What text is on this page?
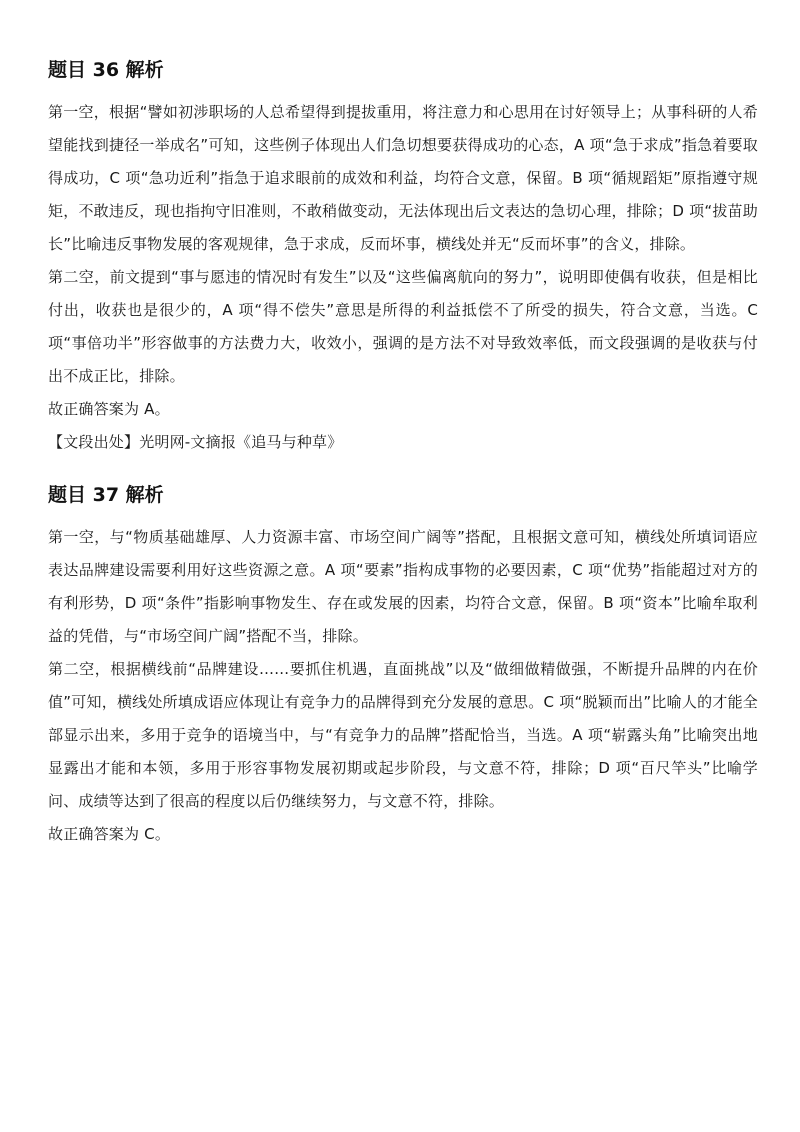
题目 36 解析

第一空，根据“譬如初涉职场的人总希望得到提拔重用，将注意力和心思用在讨好领导上；从事科研的人希望能找到捷径一举成名”可知，这些例子体现出人们急切想要获得成功的心态，A 项“急于求成”指急着要取得成功，C 项“急功近利”指急于追求眼前的成效和利益，均符合文意，保留。B 项“循规蹈矩”原指遵守规矩，不敢违反，现也指拘守旧准则，不敢稍做变动，无法体现出后文表达的急切心理，排除；D 项“拔苗助长”比喻违反事物发展的客观规律，急于求成，反而坏事，横线处并无“反而坏事”的含义，排除。

第二空，前文提到“事与愿违的情况时有发生”以及“这些偏离航向的努力”，说明即使偶有收获，但是相比付出，收获也是很少的，A 项“得不偿失”意思是所得的利益抵偿不了所受的损失，符合文意，当选。C 项“事倍功半”形容做事的方法费力大，收效小，强调的是方法不对导致效率低，而文段强调的是收获与付出不成正比，排除。

故正确答案为 A。

【文段出处】光明网-文摘报《追马与种草》

题目 37 解析

第一空，与“物质基础雄厚、人力资源丰富、市场空间广阔等”搭配，且根据文意可知，横线处所填词语应表达品牌建设需要利用好这些资源之意。A 项“要素”指构成事物的必要因素，C 项“优势”指能超过对方的有利形势，D 项“条件”指影响事物发生、存在或发展的因素，均符合文意，保留。B 项“资本”比喻牟取利益的凭借，与“市场空间广阔”搭配不当，排除。

第二空，根据横线前“品牌建设……要抓住机遇，直面挑战”以及“做细做精做强，不断提升品牌的内在价值”可知，横线处所填成语应体现让有竞争力的品牌得到充分发展的意思。C 项“脱颖而出”比喻人的才能全部显示出来，多用于竞争的语境当中，与“有竞争力的品牌”搭配恰当，当选。A 项“崭露头角”比喻突出地显露出才能和本领，多用于形容事物发展初期或起步阶段，与文意不符，排除；D 项“百尺竿头”比喻学问、成绩等达到了很高的程度以后仍继续努力，与文意不符，排除。

故正确答案为 C。
